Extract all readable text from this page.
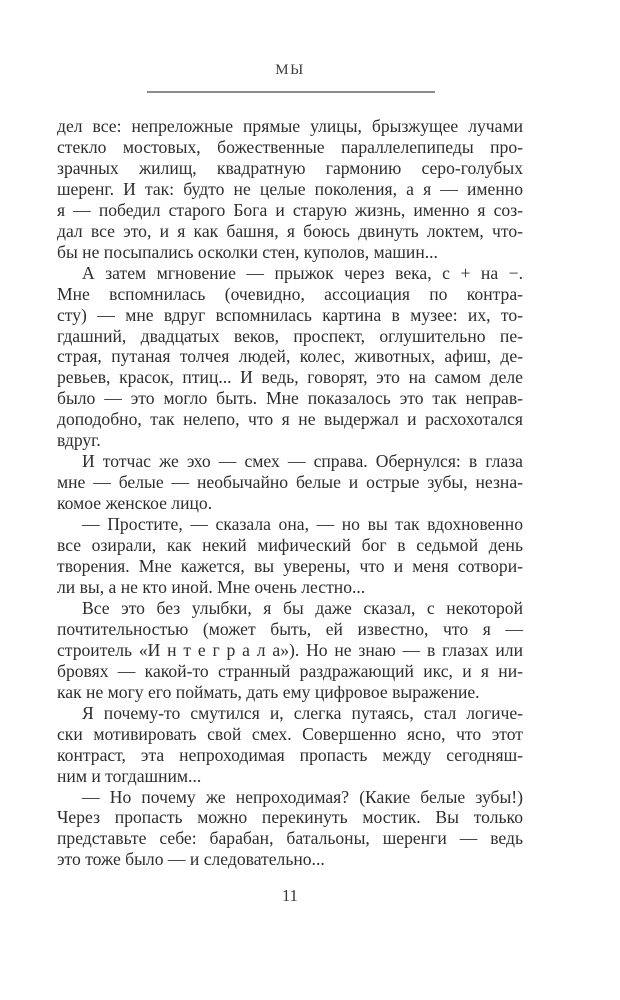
МЫ
дел все: непреложные прямые улицы, брызжущее лучами
стекло мостовых, божественные параллелепипеды про-
зрачных жилищ, квадратную гармонию серо-голубых
шеренг. И так: будто не целые поколения, а я — именно
я — победил старого Бога и старую жизнь, именно я соз-
дал все это, и я как башня, я боюсь двинуть локтем, что-
бы не посыпались осколки стен, куполов, машин...
А затем мгновение — прыжок через века, с + на −.
Мне вспомнилась (очевидно, ассоциация по контра-
сту) — мне вдруг вспомнилась картина в музее: их, то-
гдашний, двадцатых веков, проспект, оглушительно пе-
страя, путаная толчея людей, колес, животных, афиш, де-
ревьев, красок, птиц... И ведь, говорят, это на самом деле
было — это могло быть. Мне показалось это так неправ-
доподобно, так нелепо, что я не выдержал и расхохотался
вдруг.
И тотчас же эхо — смех — справа. Обернулся: в глаза
мне — белые — необычайно белые и острые зубы, незна-
комое женское лицо.
— Простите, — сказала она, — но вы так вдохновенно
все озирали, как некий мифический бог в седьмой день
творения. Мне кажется, вы уверены, что и меня сотвори-
ли вы, а не кто иной. Мне очень лестно...
Все это без улыбки, я бы даже сказал, с некоторой
почтительностью (может быть, ей известно, что я —
строитель «И н т е г р а л а»). Но не знаю — в глазах или
бровях — какой-то странный раздражающий икс, и я ни-
как не могу его поймать, дать ему цифровое выражение.
Я почему-то смутился и, слегка путаясь, стал логиче-
ски мотивировать свой смех. Совершенно ясно, что этот
контраст, эта непроходимая пропасть между сегодняш-
ним и тогдашним...
— Но почему же непроходимая? (Какие белые зубы!)
Через пропасть можно перекинуть мостик. Вы только
представьте себе: барабан, батальоны, шеренги — ведь
это тоже было — и следовательно...
11
